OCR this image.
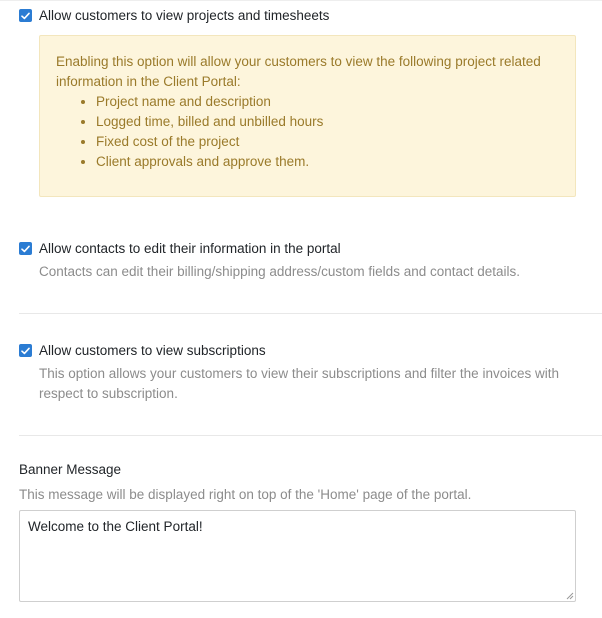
Allow customers to view projects and timesheets
Enabling this option will allow your customers to view the following project related information in the Client Portal:
• Project name and description
• Logged time, billed and unbilled hours
• Fixed cost of the project
• Client approvals and approve them.
Allow contacts to edit their information in the portal
Contacts can edit their billing/shipping address/custom fields and contact details.
Allow customers to view subscriptions
This option allows your customers to view their subscriptions and filter the invoices with respect to subscription.
Banner Message
This message will be displayed right on top of the 'Home' page of the portal.
Welcome to the Client Portal!
